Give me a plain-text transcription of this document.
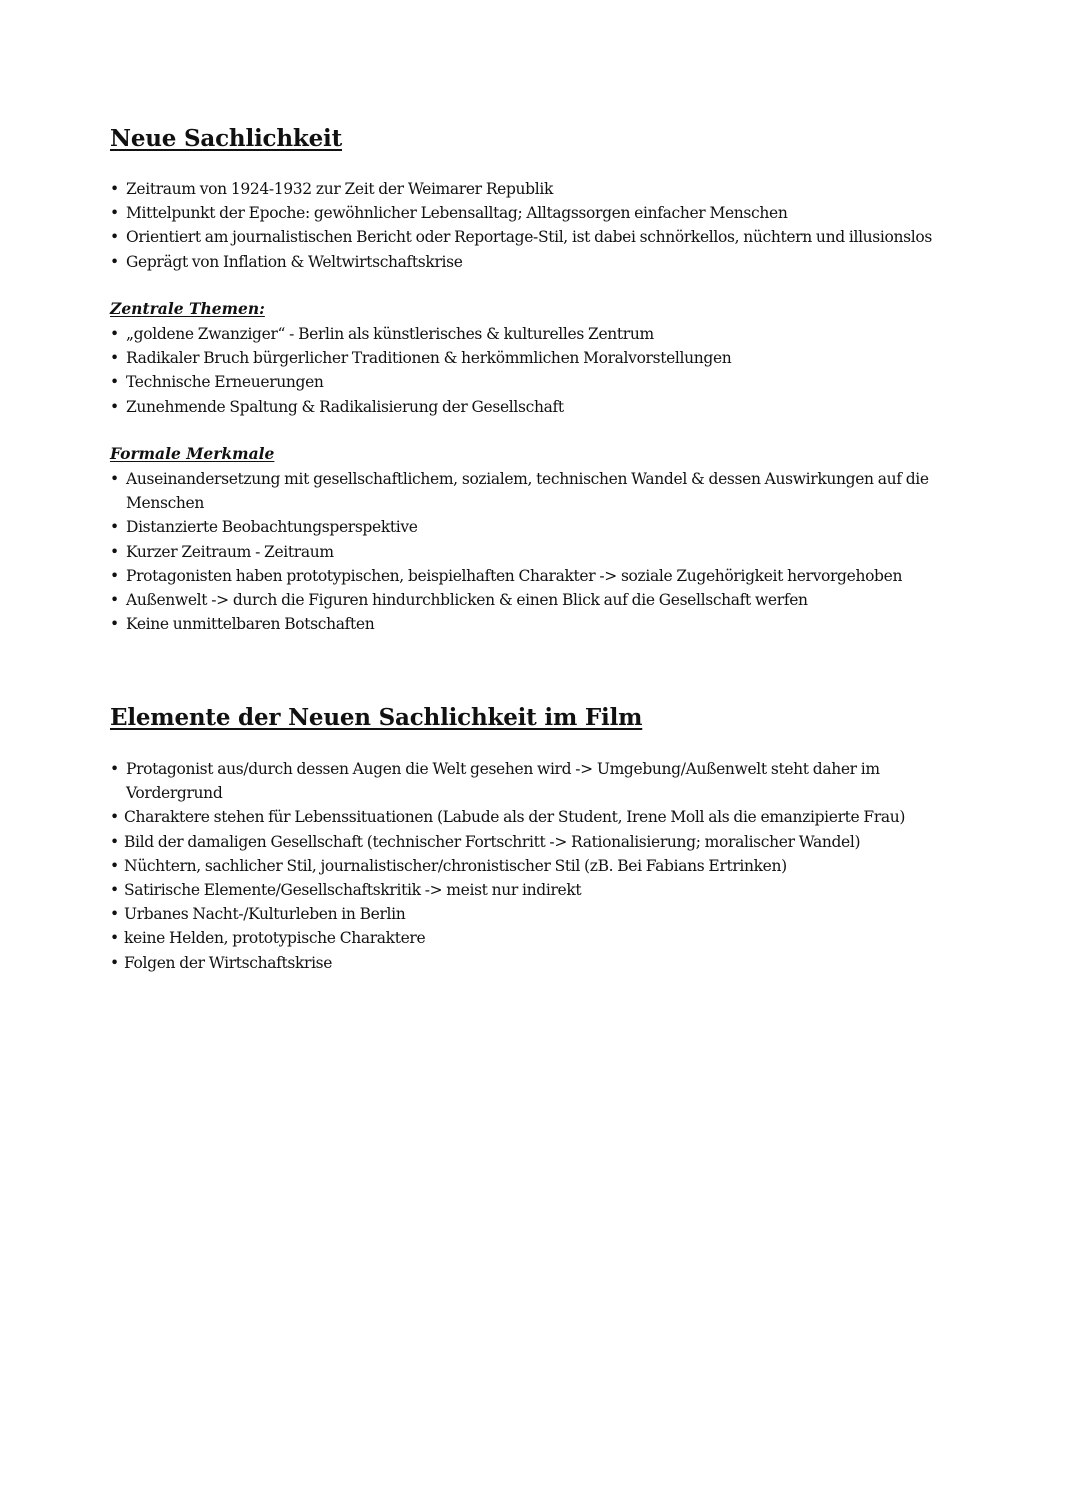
Neue Sachlichkeit
• Zeitraum von 1924-1932 zur Zeit der Weimarer Republik
• Mittelpunkt der Epoche: gewöhnlicher Lebensalltag; Alltagssorgen einfacher Menschen
• Orientiert am journalistischen Bericht oder Reportage-Stil, ist dabei schnörkellos, nüchtern und illusionslos
• Geprägt von Inflation & Weltwirtschaftskrise
Zentrale Themen:
• „goldene Zwanziger“ - Berlin als künstlerisches & kulturelles Zentrum
• Radikaler Bruch bürgerlicher Traditionen & herkömmlichen Moralvorstellungen
• Technische Erneuerungen
• Zunehmende Spaltung & Radikalisierung der Gesellschaft
Formale Merkmale
• Auseinandersetzung mit gesellschaftlichem, sozialem, technischen Wandel & dessen Auswirkungen auf die Menschen
• Distanzierte Beobachtungsperspektive
• Kurzer Zeitraum - Zeitraum
• Protagonisten haben prototypischen, beispielhaften Charakter -> soziale Zugehörigkeit hervorgehoben
• Außenwelt -> durch die Figuren hindurchblicken & einen Blick auf die Gesellschaft werfen
• Keine unmittelbaren Botschaften
Elemente der Neuen Sachlichkeit im Film
• Protagonist aus/durch dessen Augen die Welt gesehen wird -> Umgebung/Außenwelt steht daher im Vordergrund
• Charaktere stehen für Lebenssituationen (Labude als der Student, Irene Moll als die emanzipierte Frau)
• Bild der damaligen Gesellschaft (technischer Fortschritt -> Rationalisierung; moralischer Wandel)
• Nüchtern, sachlicher Stil, journalistischer/chronistischer Stil (zB. Bei Fabians Ertrinken)
• Satirische Elemente/Gesellschaftskritik -> meist nur indirekt
• Urbanes Nacht-/Kulturleben in Berlin
• keine Helden, prototypische Charaktere
• Folgen der Wirtschaftskrise
